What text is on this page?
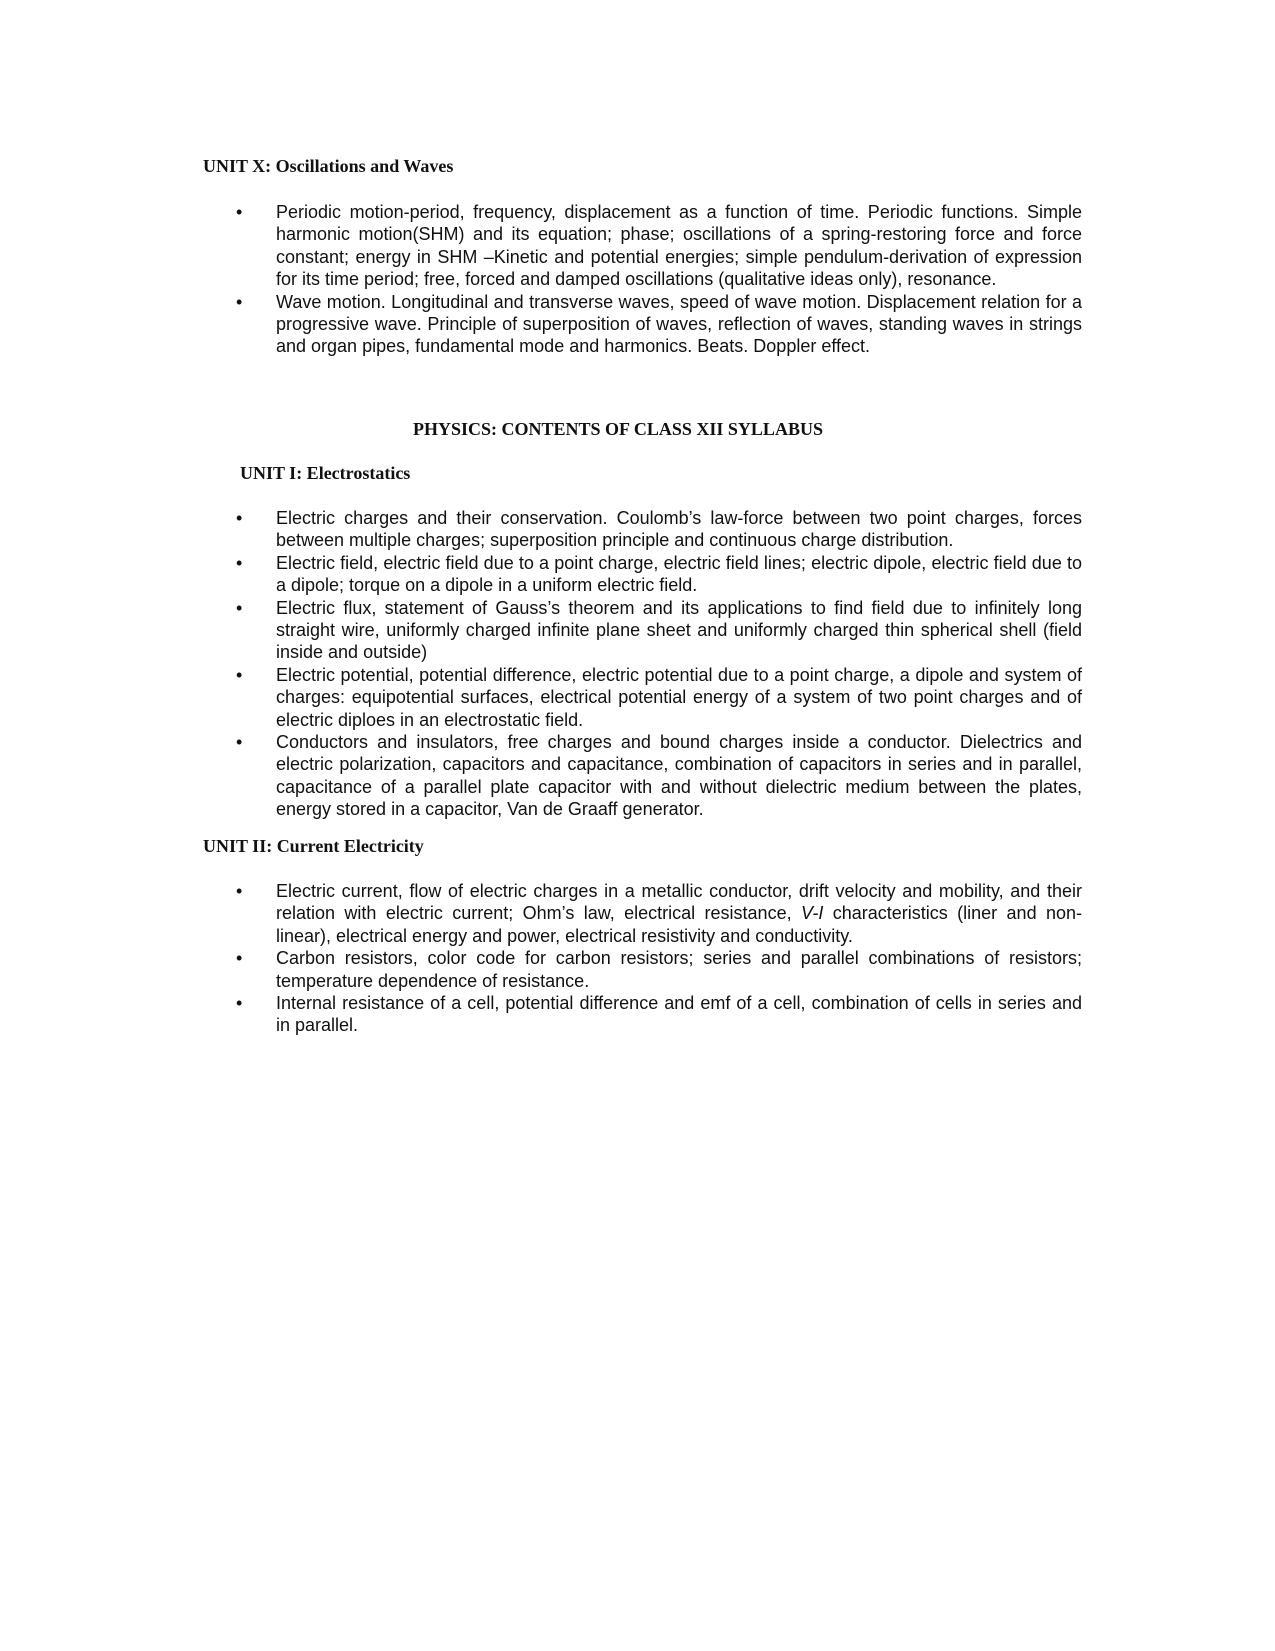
UNIT X: Oscillations and Waves
•	Periodic motion-period, frequency, displacement as a function of time. Periodic functions. Simple harmonic motion(SHM) and its equation; phase; oscillations of a spring-restoring force and force constant; energy in SHM –Kinetic and potential energies; simple pendulum-derivation of expression for its time period; free, forced and damped oscillations (qualitative ideas only), resonance.
•	Wave motion. Longitudinal and transverse waves, speed of wave motion. Displacement relation for a progressive wave. Principle of superposition of waves, reflection of waves, standing waves in strings and organ pipes, fundamental mode and harmonics. Beats. Doppler effect.
PHYSICS: CONTENTS OF CLASS XII SYLLABUS
UNIT I: Electrostatics
•	Electric charges and their conservation. Coulomb’s law-force between two point charges, forces between multiple charges; superposition principle and continuous charge distribution.
•	Electric field, electric field due to a point charge, electric field lines; electric dipole, electric field due to a dipole; torque on a dipole in a uniform electric field.
•	Electric flux, statement of Gauss’s theorem and its applications to find field due to infinitely long straight wire, uniformly charged infinite plane sheet and uniformly charged thin spherical shell (field inside and outside)
•	Electric potential, potential difference, electric potential due to a point charge, a dipole and system of charges: equipotential surfaces, electrical potential energy of a system of two point charges and of electric diploes in an electrostatic field.
•	Conductors and insulators, free charges and bound charges inside a conductor. Dielectrics and electric polarization, capacitors and capacitance, combination of capacitors in series and in parallel, capacitance of a parallel plate capacitor with and without dielectric medium between the plates, energy stored in a capacitor, Van de Graaff generator.
UNIT II: Current Electricity
•	Electric current, flow of electric charges in a metallic conductor, drift velocity and mobility, and their relation with electric current; Ohm’s law, electrical resistance, V-I characteristics (liner and non- linear), electrical energy and power, electrical resistivity and conductivity.
•	Carbon resistors, color code for carbon resistors; series and parallel combinations of resistors; temperature dependence of resistance.
•	Internal resistance of a cell, potential difference and emf of a cell, combination of cells in series and in parallel.
